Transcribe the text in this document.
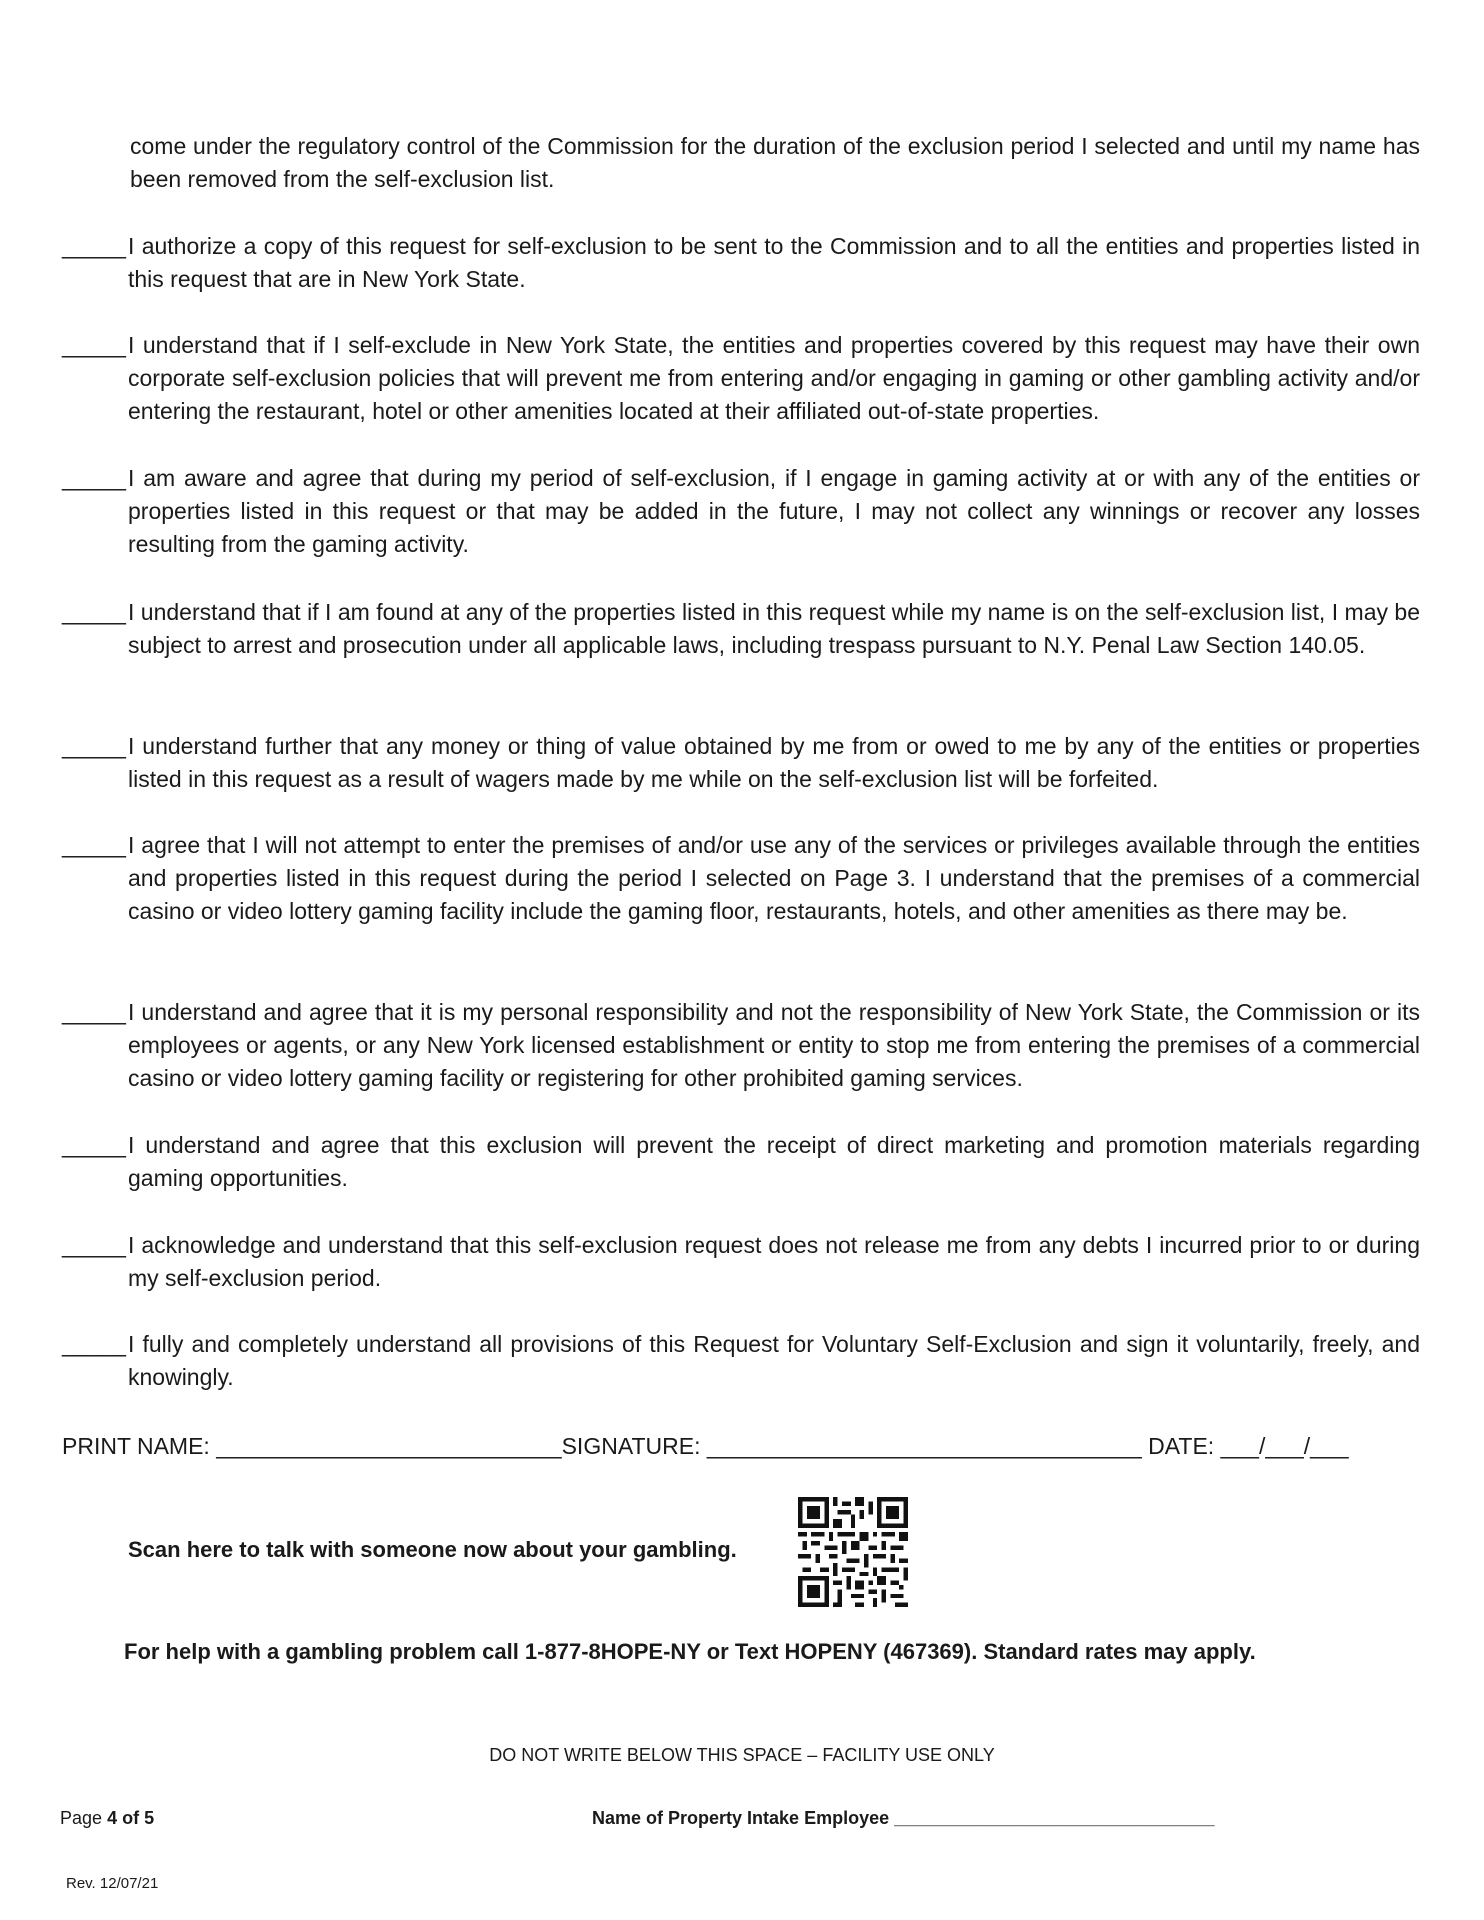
come under the regulatory control of the Commission for the duration of the exclusion period I selected and until my name has been removed from the self-exclusion list.
_____I authorize a copy of this request for self-exclusion to be sent to the Commission and to all the entities and properties listed in this request that are in New York State.
_____I understand that if I self-exclude in New York State, the entities and properties covered by this request may have their own corporate self-exclusion policies that will prevent me from entering and/or engaging in gaming or other gambling activity and/or entering the restaurant, hotel or other amenities located at their affiliated out-of-state properties.
_____I am aware and agree that during my period of self-exclusion, if I engage in gaming activity at or with any of the entities or properties listed in this request or that may be added in the future, I may not collect any winnings or recover any losses resulting from the gaming activity.
_____I understand that if I am found at any of the properties listed in this request while my name is on the self-exclusion list, I may be subject to arrest and prosecution under all applicable laws, including trespass pursuant to N.Y. Penal Law Section 140.05.
_____I understand further that any money or thing of value obtained by me from or owed to me by any of the entities or properties listed in this request as a result of wagers made by me while on the self-exclusion list will be forfeited.
_____I agree that I will not attempt to enter the premises of and/or use any of the services or privileges available through the entities and properties listed in this request during the period I selected on Page 3. I understand that the premises of a commercial casino or video lottery gaming facility include the gaming floor, restaurants, hotels, and other amenities as there may be.
_____I understand and agree that it is my personal responsibility and not the responsibility of New York State, the Commission or its employees or agents, or any New York licensed establishment or entity to stop me from entering the premises of a commercial casino or video lottery gaming facility or registering for other prohibited gaming services.
_____I understand and agree that this exclusion will prevent the receipt of direct marketing and promotion materials regarding gaming opportunities.
_____I acknowledge and understand that this self-exclusion request does not release me from any debts I incurred prior to or during my self-exclusion period.
_____I fully and completely understand all provisions of this Request for Voluntary Self-Exclusion and sign it voluntarily, freely, and knowingly.
PRINT NAME: ___________________________SIGNATURE: __________________________________ DATE: ___/___/___
Scan here to talk with someone now about your gambling.
For help with a gambling problem call 1-877-8HOPE-NY or Text HOPENY (467369). Standard rates may apply.
DO NOT WRITE BELOW THIS SPACE – FACILITY USE ONLY
Page 4 of 5	Name of Property Intake Employee ________________________________
Rev. 12/07/21
